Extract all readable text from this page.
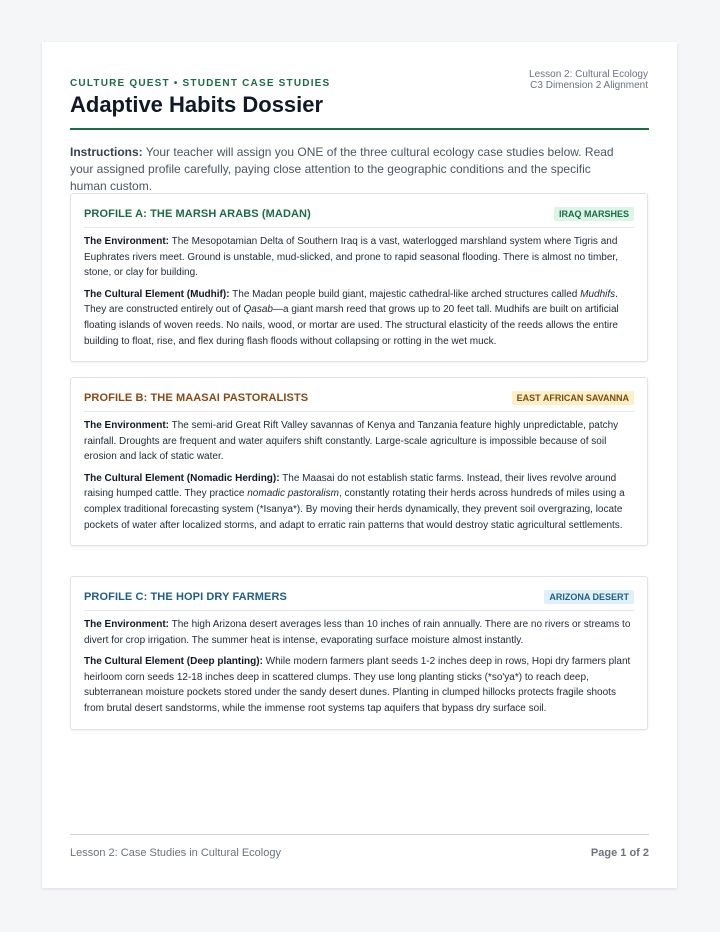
Lesson 2: Cultural Ecology
C3 Dimension 2 Alignment
CULTURE QUEST • STUDENT CASE STUDIES
Adaptive Habits Dossier
Instructions: Your teacher will assign you ONE of the three cultural ecology case studies below. Read your assigned profile carefully, paying close attention to the geographic conditions and the specific human custom.
PROFILE A: THE MARSH ARABS (MADAN)	IRAQ MARSHES

The Environment: The Mesopotamian Delta of Southern Iraq is a vast, waterlogged marshland system where Tigris and Euphrates rivers meet. Ground is unstable, mud-slicked, and prone to rapid seasonal flooding. There is almost no timber, stone, or clay for building.

The Cultural Element (Mudhif): The Madan people build giant, majestic cathedral-like arched structures called Mudhifs. They are constructed entirely out of Qasab—a giant marsh reed that grows up to 20 feet tall. Mudhifs are built on artificial floating islands of woven reeds. No nails, wood, or mortar are used. The structural elasticity of the reeds allows the entire building to float, rise, and flex during flash floods without collapsing or rotting in the wet muck.

PROFILE B: THE MAASAI PASTORALISTS	EAST AFRICAN SAVANNA

The Environment: The semi-arid Great Rift Valley savannas of Kenya and Tanzania feature highly unpredictable, patchy rainfall. Droughts are frequent and water aquifers shift constantly. Large-scale agriculture is impossible because of soil erosion and lack of static water.

The Cultural Element (Nomadic Herding): The Maasai do not establish static farms. Instead, their lives revolve around raising humped cattle. They practice nomadic pastoralism, constantly rotating their herds across hundreds of miles using a complex traditional forecasting system (*Isanya*). By moving their herds dynamically, they prevent soil overgrazing, locate pockets of water after localized storms, and adapt to erratic rain patterns that would destroy static agricultural settlements.

PROFILE C: THE HOPI DRY FARMERS	ARIZONA DESERT

The Environment: The high Arizona desert averages less than 10 inches of rain annually. There are no rivers or streams to divert for crop irrigation. The summer heat is intense, evaporating surface moisture almost instantly.

The Cultural Element (Deep planting): While modern farmers plant seeds 1-2 inches deep in rows, Hopi dry farmers plant heirloom corn seeds 12-18 inches deep in scattered clumps. They use long planting sticks (*so'ya*) to reach deep, subterranean moisture pockets stored under the sandy desert dunes. Planting in clumped hillocks protects fragile shoots from brutal desert sandstorms, while the immense root systems tap aquifers that bypass dry surface soil.

Lesson 2: Case Studies in Cultural Ecology	Page 1 of 2
